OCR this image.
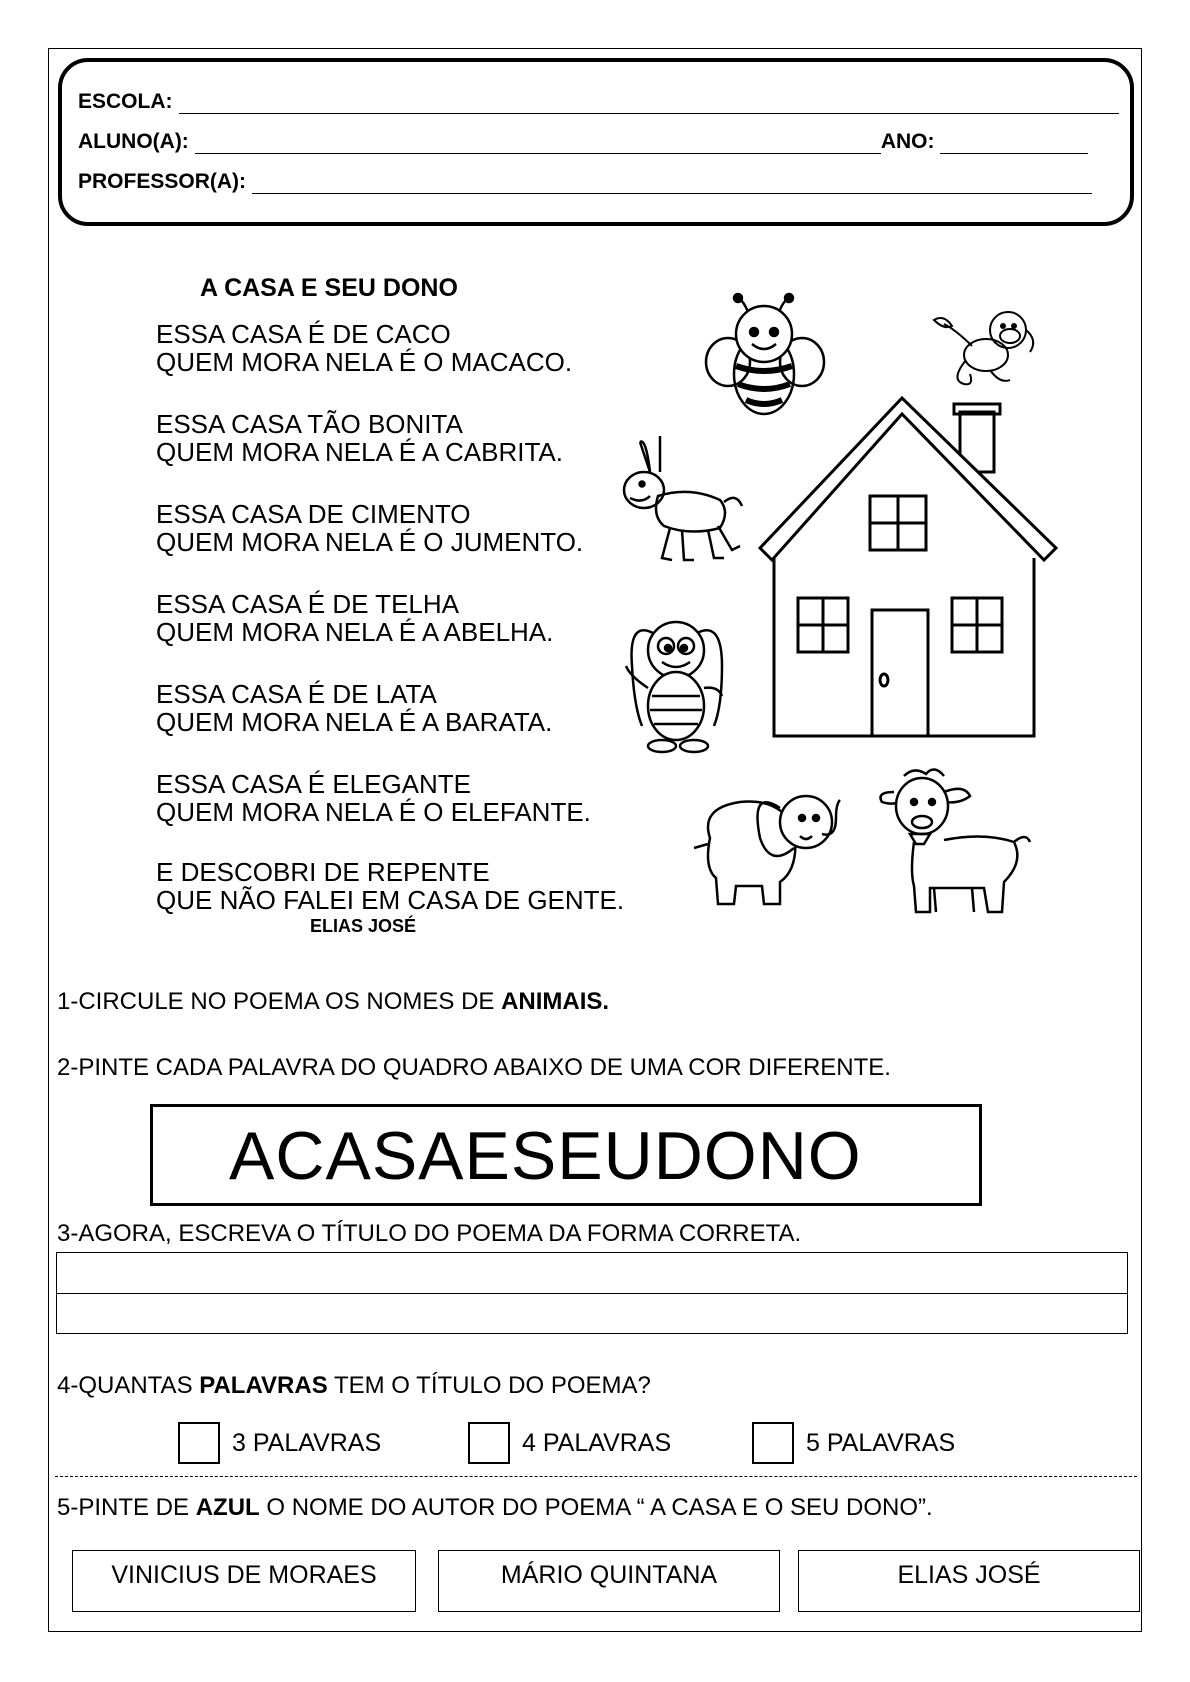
ESCOLA:
ALUNO(A):	ANO:
PROFESSOR(A):
A CASA E SEU DONO
ESSA CASA É DE CACO
QUEM MORA NELA É O MACACO.
ESSA CASA TÃO BONITA
QUEM MORA NELA É A CABRITA.
ESSA CASA DE CIMENTO
QUEM MORA NELA É O JUMENTO.
ESSA CASA É DE TELHA
QUEM MORA NELA É A ABELHA.
ESSA CASA É DE LATA
QUEM MORA NELA É A BARATA.
ESSA CASA É ELEGANTE
QUEM MORA NELA É O ELEFANTE.
E DESCOBRI DE REPENTE
QUE NÃO FALEI EM CASA DE GENTE.
ELIAS JOSÉ
1-CIRCULE NO POEMA OS NOMES DE ANIMAIS.
2-PINTE CADA PALAVRA DO QUADRO ABAIXO DE UMA COR DIFERENTE.
ACASAESEUDONO
3-AGORA, ESCREVA O TÍTULO DO POEMA DA FORMA CORRETA.
4-QUANTAS PALAVRAS TEM O TÍTULO DO POEMA?
3 PALAVRAS	4 PALAVRAS	5 PALAVRAS
5-PINTE DE AZUL O NOME DO AUTOR DO POEMA “ A CASA E O SEU DONO”.
VINICIUS DE MORAES	MÁRIO QUINTANA	ELIAS JOSÉ
